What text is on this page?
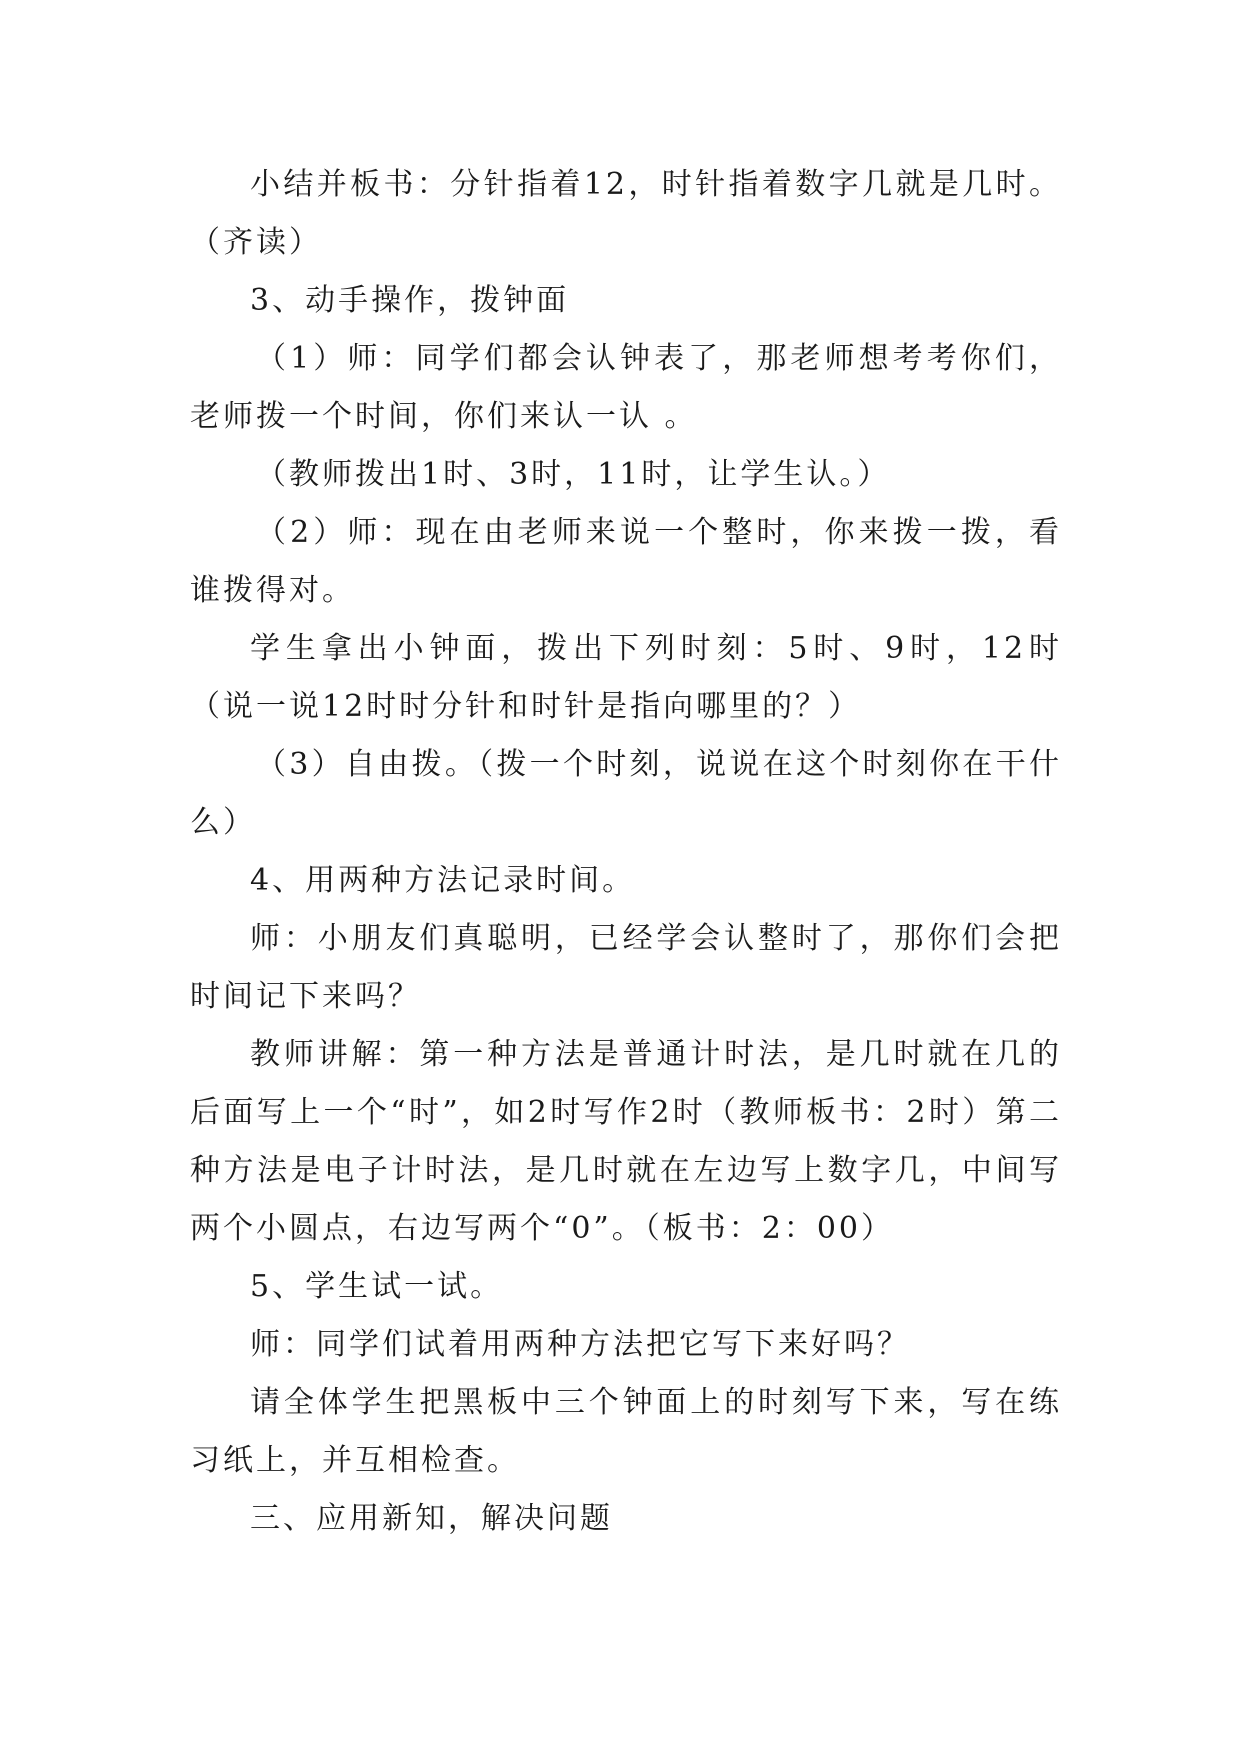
小结并板书：分针指着12，时针指着数字几就是几时。（齐读）

3、动手操作，拨钟面

（1）师：同学们都会认钟表了，那老师想考考你们，老师拨一个时间，你们来认一认 。

（教师拨出1时、3时，11时，让学生认。）

（2）师：现在由老师来说一个整时，你来拨一拨，看谁拨得对。

学生拿出小钟面，拨出下列时刻：5时、9时，12时（说一说12时时分针和时针是指向哪里的？）

（3）自由拨。（拨一个时刻，说说在这个时刻你在干什么）

4、用两种方法记录时间。

师：小朋友们真聪明，已经学会认整时了，那你们会把时间记下来吗？

教师讲解：第一种方法是普通计时法，是几时就在几的后面写上一个“时”，如2时写作2时（教师板书：2时）第二种方法是电子计时法，是几时就在左边写上数字几，中间写两个小圆点，右边写两个“0”。（板书：2：00）

5、学生试一试。

师：同学们试着用两种方法把它写下来好吗？

请全体学生把黑板中三个钟面上的时刻写下来，写在练习纸上，并互相检查。

三、应用新知，解决问题
